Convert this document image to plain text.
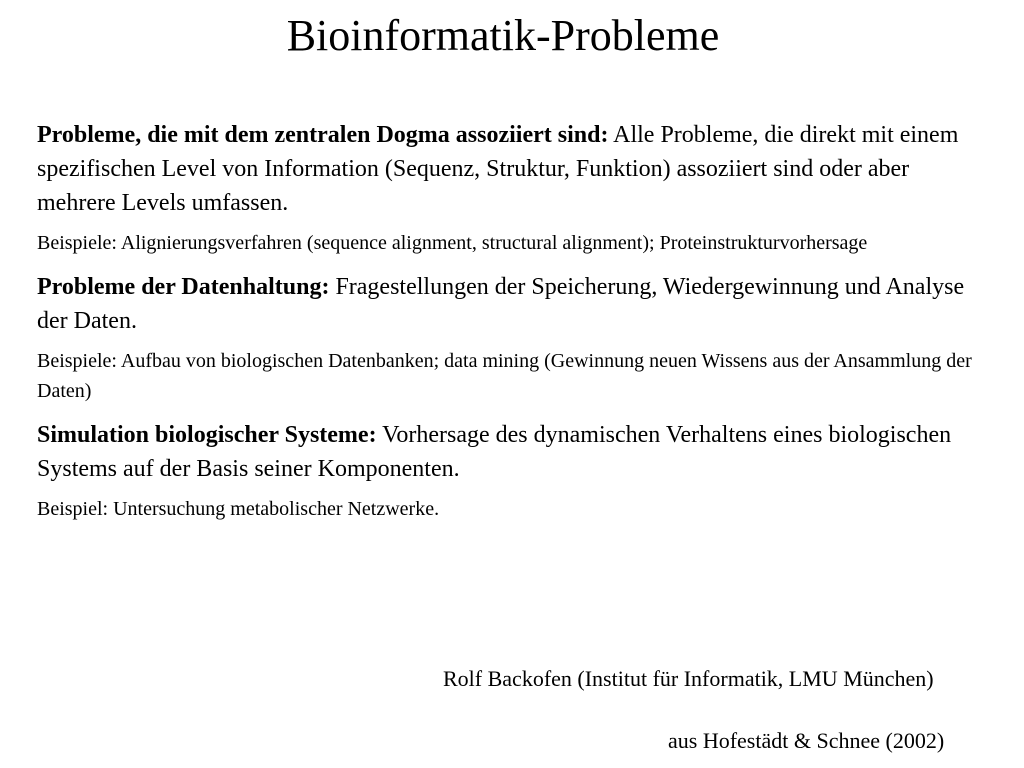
Bioinformatik-Probleme

Probleme, die mit dem zentralen Dogma assoziiert sind: Alle Probleme, die direkt mit einem spezifischen Level von Information (Sequenz, Struktur, Funktion) assoziiert sind oder aber mehrere Levels umfassen.

Beispiele: Alignierungsverfahren (sequence alignment, structural alignment); Proteinstrukturvorhersage

Probleme der Datenhaltung: Fragestellungen der Speicherung, Wiedergewinnung und Analyse der Daten.

Beispiele: Aufbau von biologischen Datenbanken; data mining (Gewinnung neuen Wissens aus der Ansammlung der Daten)

Simulation biologischer Systeme: Vorhersage des dynamischen Verhaltens eines biologischen Systems auf der Basis seiner Komponenten.

Beispiel: Untersuchung metabolischer Netzwerke.

Rolf Backofen (Institut für Informatik, LMU München)
aus Hofestädt & Schnee (2002)
